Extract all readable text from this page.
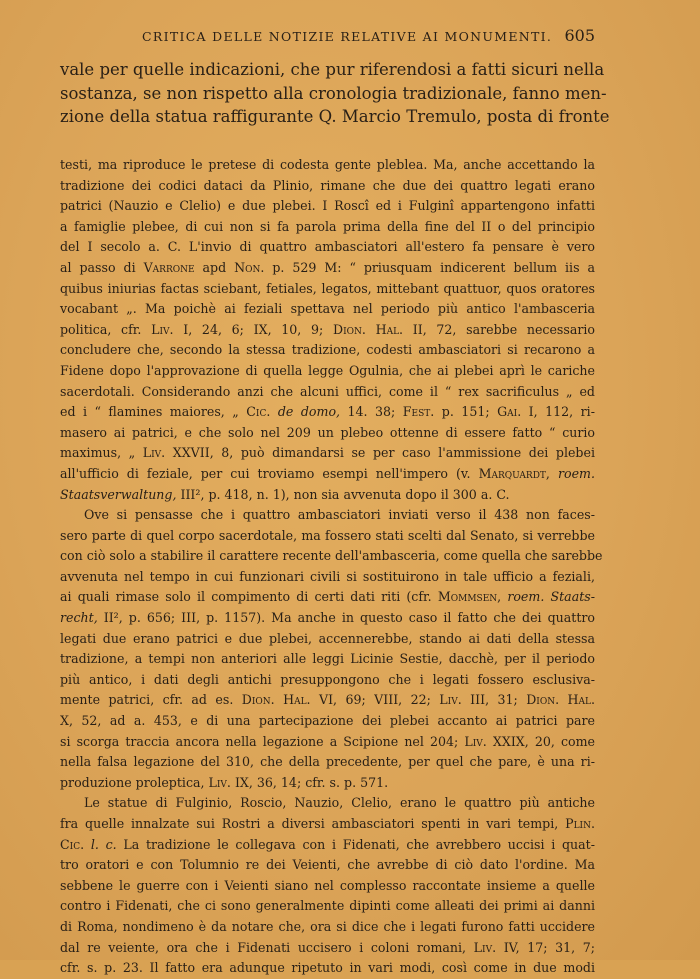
CRITICA DELLE NOTIZIE RELATIVE AI MONUMENTI. 605
vale per quelle indicazioni, che pur riferendosi a fatti sicuri nella
sostanza, se non rispetto alla cronologia tradizionale, fanno men-
zione della statua raffigurante Q. Marcio Tremulo, posta di fronte
testi, ma riproduce le pretese di codesta gente pleblea. Ma, anche accettando la
tradizione dei codici dataci da Plinio, rimane che due dei quattro legati erano
patrici (Nauzio e Clelio) e due plebei. I Roscî ed i Fulginî appartengono infatti
a famiglie plebee, di cui non si fa parola prima della fine del II o del principio
del I secolo a. C. L'invio di quattro ambasciatori all'estero fa pensare è vero
al passo di Varrone apd Non. p. 529 M: “ priusquam indicerent bellum iis a
quibus iniurias factas sciebant, fetiales, legatos, mittebant quattuor, quos oratores
vocabant „. Ma poichè ai feziali spettava nel periodo più antico l'ambasceria
politica, cfr. Liv. I, 24, 6; IX, 10, 9; Dion. Hal. II, 72, sarebbe necessario
concludere che, secondo la stessa tradizione, codesti ambasciatori si recarono a
Fidene dopo l'approvazione di quella legge Ogulnia, che ai plebei aprì le cariche
sacerdotali. Considerando anzi che alcuni uffici, come il “ rex sacrificulus „ ed
ed i “ flamines maiores, „ Cic. de domo, 14. 38; Fest. p. 151; Gai. I, 112, ri-
masero ai patrici, e che solo nel 209 un plebeo ottenne di essere fatto “ curio
maximus, „ Liv. XXVII, 8, può dimandarsi se per caso l'ammissione dei plebei
all'ufficio di feziale, per cui troviamo esempi nell'impero (v. Marquardt, roem.
Staatsverwaltung, III², p. 418, n. 1), non sia avvenuta dopo il 300 a. C.
Ove si pensasse che i quattro ambasciatori inviati verso il 438 non faces-
sero parte di quel corpo sacerdotale, ma fossero stati scelti dal Senato, si verrebbe
con ciò solo a stabilire il carattere recente dell'ambasceria, come quella che sarebbe
avvenuta nel tempo in cui funzionari civili si sostituirono in tale ufficio a feziali,
ai quali rimase solo il compimento di certi dati riti (cfr. Mommsen, roem. Staats-
recht, II², p. 656; III, p. 1157). Ma anche in questo caso il fatto che dei quattro
legati due erano patrici e due plebei, accennerebbe, stando ai dati della stessa
tradizione, a tempi non anteriori alle leggi Licinie Sestie, dacchè, per il periodo
più antico, i dati degli antichi presuppongono che i legati fossero esclusiva-
mente patrici, cfr. ad es. Dion. Hal. VI, 69; VIII, 22; Liv. III, 31; Dion. Hal.
X, 52, ad a. 453, e di una partecipazione dei plebei accanto ai patrici pare
si scorga traccia ancora nella legazione a Scipione nel 204; Liv. XXIX, 20, come
nella falsa legazione del 310, che della precedente, per quel che pare, è una ri-
produzione proleptica, Liv. IX, 36, 14; cfr. s. p. 571.
Le statue di Fulginio, Roscio, Nauzio, Clelio, erano le quattro più antiche
fra quelle innalzate sui Rostri a diversi ambasciatori spenti in vari tempi, Plin.
Cic. l. c. La tradizione le collegava con i Fidenati, che avrebbero uccisi i quat-
tro oratori e con Tolumnio re dei Veienti, che avrebbe di ciò dato l'ordine. Ma
sebbene le guerre con i Veienti siano nel complesso raccontate insieme a quelle
contro i Fidenati, che ci sono generalmente dipinti come alleati dei primi ai danni
di Roma, nondimeno è da notare che, ora si dice che i legati furono fatti uccidere
dal re veiente, ora che i Fidenati uccisero i coloni romani, Liv. IV, 17; 31, 7;
cfr. s. p. 23. Il fatto era adunque ripetuto in vari modi, così come in due modi
